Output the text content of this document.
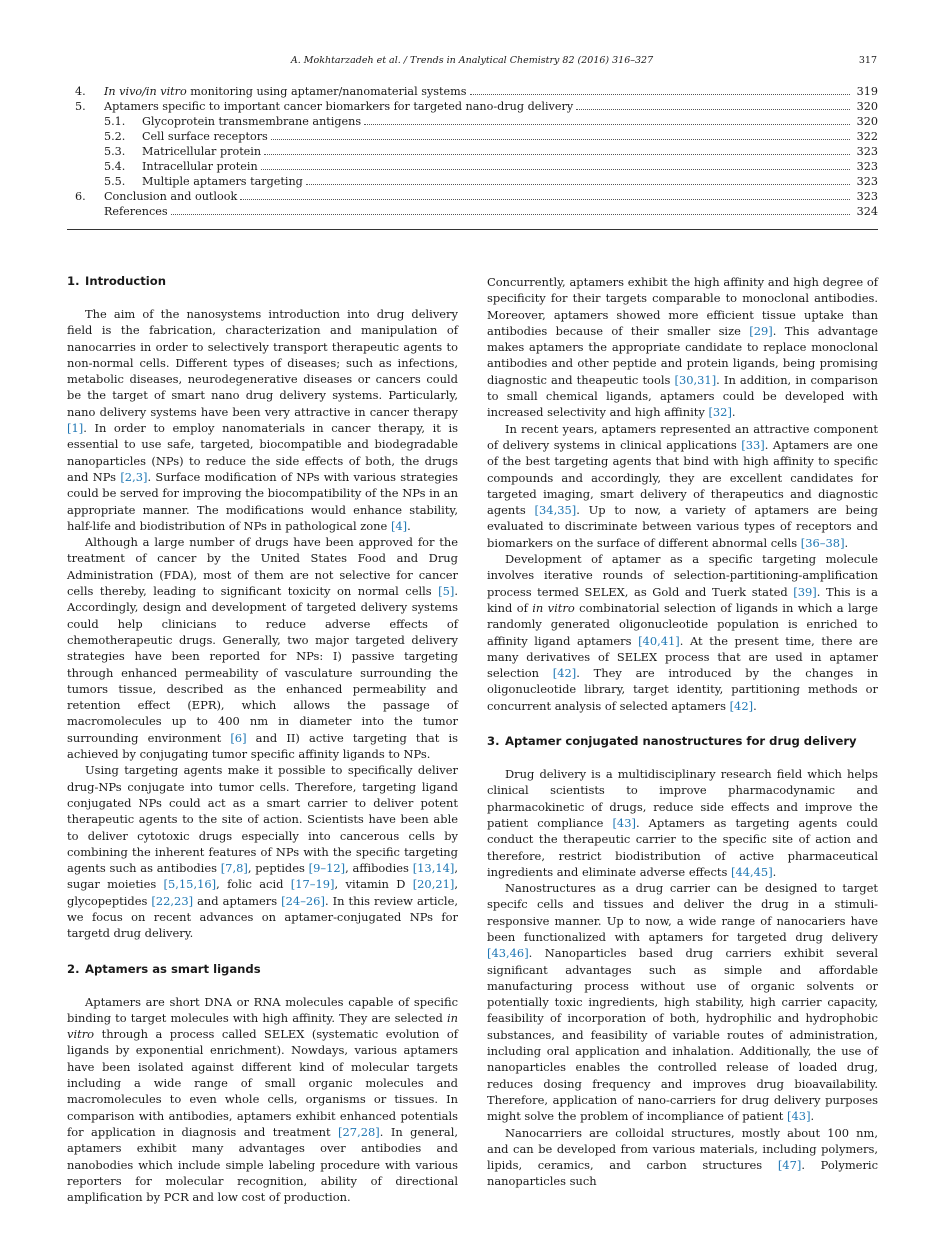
A. Mokhtarzadeh et al. / Trends in Analytical Chemistry 82 (2016) 316–327	317
4.	In vivo/in vitro monitoring using aptamer/nanomaterial systems	319
5.	Aptamers specific to important cancer biomarkers for targeted nano-drug delivery	320
5.1.	Glycoprotein transmembrane antigens	320
5.2.	Cell surface receptors	322
5.3.	Matricellular protein	323
5.4.	Intracellular protein	323
5.5.	Multiple aptamers targeting	323
6.	Conclusion and outlook	323
References	324
1. Introduction

The aim of the nanosystems introduction into drug delivery field is the fabrication, characterization and manipulation of nanocarries in order to selectively transport therapeutic agents to non-normal cells. Different types of diseases; such as infections, metabolic diseases, neurodegenerative diseases or cancers could be the target of smart nano drug delivery systems. Particularly, nano delivery systems have been very attractive in cancer therapy [1]. In order to employ nanomaterials in cancer therapy, it is essential to use safe, targeted, biocompatible and biodegradable nanoparticles (NPs) to reduce the side effects of both, the drugs and NPs [2,3]. Surface modification of NPs with various strategies could be served for improving the biocompatibility of the NPs in an appropriate manner. The modifications would enhance stability, half-life and biodistribution of NPs in pathological zone [4].

Although a large number of drugs have been approved for the treatment of cancer by the United States Food and Drug Administration (FDA), most of them are not selective for cancer cells thereby, leading to significant toxicity on normal cells [5]. Accordingly, design and development of targeted delivery systems could help clinicians to reduce adverse effects of chemotherapeutic drugs. Generally, two major targeted delivery strategies have been reported for NPs: I) passive targeting through enhanced permeability of vasculature surrounding the tumors tissue, described as the enhanced permeability and retention effect (EPR), which allows the passage of macromolecules up to 400 nm in diameter into the tumor surrounding environment [6] and II) active targeting that is achieved by conjugating tumor specific affinity ligands to NPs.

Using targeting agents make it possible to specifically deliver drug-NPs conjugate into tumor cells. Therefore, targeting ligand conjugated NPs could act as a smart carrier to deliver potent therapeutic agents to the site of action. Scientists have been able to deliver cytotoxic drugs especially into cancerous cells by combining the inherent features of NPs with the specific targeting agents such as antibodies [7,8], peptides [9–12], affibodies [13,14], sugar moieties [5,15,16], folic acid [17–19], vitamin D [20,21], glycopeptides [22,23] and aptamers [24–26]. In this review article, we focus on recent advances on aptamer-conjugated NPs for targetd drug delivery.

2. Aptamers as smart ligands

Aptamers are short DNA or RNA molecules capable of specific binding to target molecules with high affinity. They are selected in vitro through a process called SELEX (systematic evolution of ligands by exponential enrichment). Nowdays, various aptamers have been isolated against different kind of molecular targets including a wide range of small organic molecules and macromolecules to even whole cells, organisms or tissues. In comparison with antibodies, aptamers exhibit enhanced potentials for application in diagnosis and treatment [27,28]. In general, aptamers exhibit many advantages over antibodies and nanobodies which include simple labeling procedure with various reporters for molecular recognition, ability of directional amplification by PCR and low cost of production.

Concurrently, aptamers exhibit the high affinity and high degree of specificity for their targets comparable to monoclonal antibodies. Moreover, aptamers showed more efficient tissue uptake than antibodies because of their smaller size [29]. This advantage makes aptamers the appropriate candidate to replace monoclonal antibodies and other peptide and protein ligands, being promising diagnostic and theapeutic tools [30,31]. In addition, in comparison to small chemical ligands, aptamers could be developed with increased selectivity and high affinity [32].

In recent years, aptamers represented an attractive component of delivery systems in clinical applications [33]. Aptamers are one of the best targeting agents that bind with high affinity to specific compounds and accordingly, they are excellent candidates for targeted imaging, smart delivery of therapeutics and diagnostic agents [34,35]. Up to now, a variety of aptamers are being evaluated to discriminate between various types of receptors and biomarkers on the surface of different abnormal cells [36–38].

Development of aptamer as a specific targeting molecule involves iterative rounds of selection-partitioning-amplification process termed SELEX, as Gold and Tuerk stated [39]. This is a kind of in vitro combinatorial selection of ligands in which a large randomly generated oligonucleotide population is enriched to affinity ligand aptamers [40,41]. At the present time, there are many derivatives of SELEX process that are used in aptamer selection [42]. They are introduced by the changes in oligonucleotide library, target identity, partitioning methods or concurrent analysis of selected aptamers [42].

3. Aptamer conjugated nanostructures for drug delivery

Drug delivery is a multidisciplinary research field which helps clinical scientists to improve pharmacodynamic and pharmacokinetic of drugs, reduce side effects and improve the patient compliance [43]. Aptamers as targeting agents could conduct the therapeutic carrier to the specific site of action and therefore, restrict biodistribution of active pharmaceutical ingredients and eliminate adverse effects [44,45].

Nanostructures as a drug carrier can be designed to target specifc cells and tissues and deliver the drug in a stimuli-responsive manner. Up to now, a wide range of nanocariers have been functionalized with aptamers for targeted drug delivery [43,46]. Nanoparticles based drug carriers exhibit several significant advantages such as simple and affordable manufacturing process without use of organic solvents or potentially toxic ingredients, high stability, high carrier capacity, feasibility of incorporation of both, hydrophilic and hydrophobic substances, and feasibility of variable routes of administration, including oral application and inhalation. Additionally, the use of nanoparticles enables the controlled release of loaded drug, reduces dosing frequency and improves drug bioavailability. Therefore, application of nano-carriers for drug delivery purposes might solve the problem of incompliance of patient [43].

Nanocarriers are colloidal structures, mostly about 100 nm, and can be developed from various materials, including polymers, lipids, ceramics, and carbon structures [47]. Polymeric nanoparticles such
